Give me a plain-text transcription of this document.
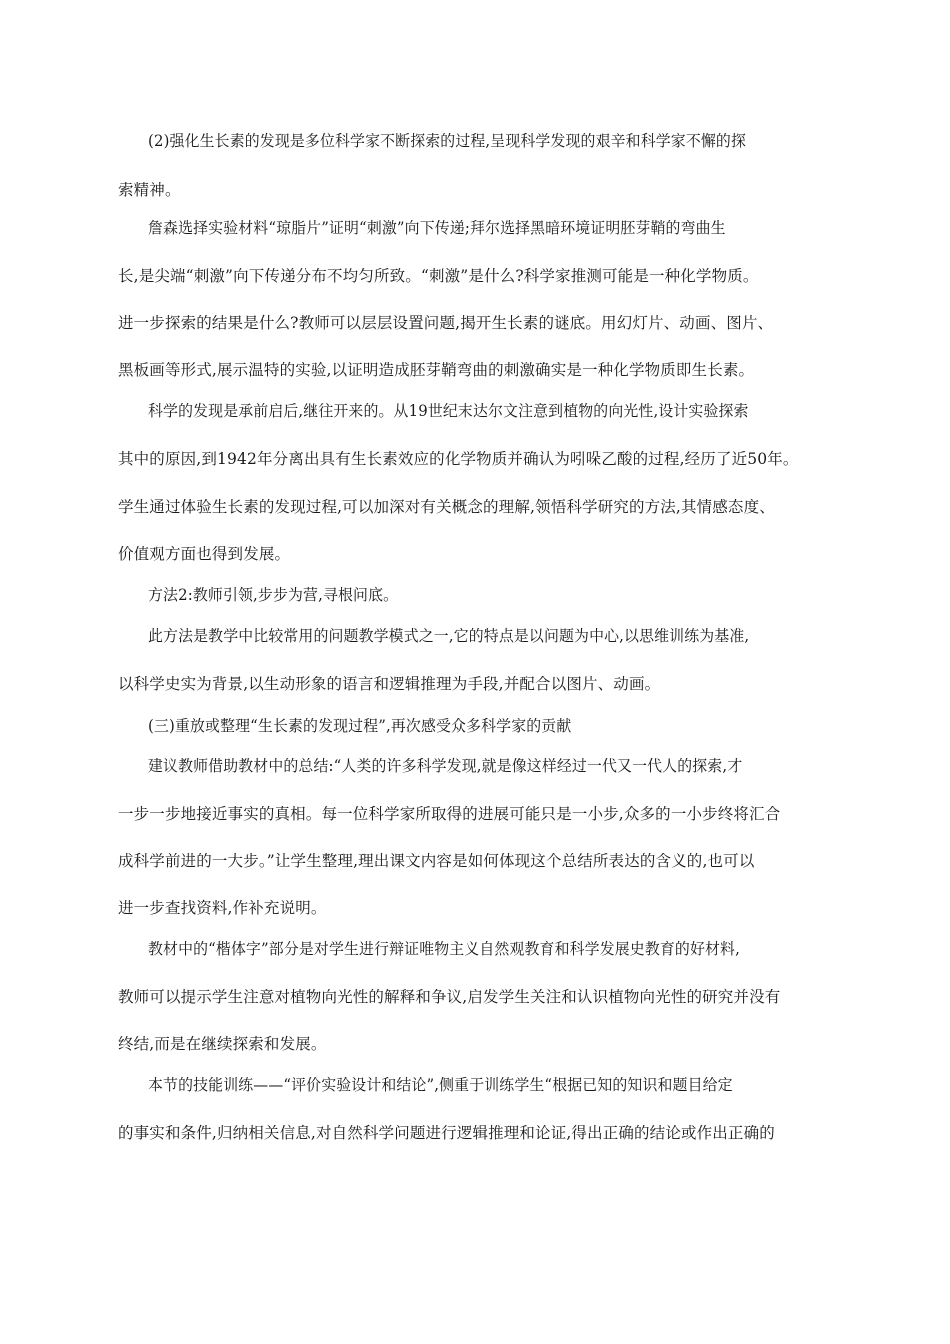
(2)强化生长素的发现是多位科学家不断探索的过程,呈现科学发现的艰辛和科学家不懈的探
索精神。
詹森选择实验材料“琼脂片”证明“刺激”向下传递;拜尔选择黑暗环境证明胚芽鞘的弯曲生
长,是尖端“刺激”向下传递分布不均匀所致。“刺激”是什么?科学家推测可能是一种化学物质。
进一步探索的结果是什么?教师可以层层设置问题,揭开生长素的谜底。用幻灯片、动画、图片、
黑板画等形式,展示温特的实验,以证明造成胚芽鞘弯曲的刺激确实是一种化学物质即生长素。
科学的发现是承前启后,继往开来的。从19世纪末达尔文注意到植物的向光性,设计实验探索
其中的原因,到1942年分离出具有生长素效应的化学物质并确认为吲哚乙酸的过程,经历了近50年。
学生通过体验生长素的发现过程,可以加深对有关概念的理解,领悟科学研究的方法,其情感态度、
价值观方面也得到发展。
方法2:教师引领,步步为营,寻根问底。
此方法是教学中比较常用的问题教学模式之一,它的特点是以问题为中心,以思维训练为基准,
以科学史实为背景,以生动形象的语言和逻辑推理为手段,并配合以图片、动画。
(三)重放或整理“生长素的发现过程”,再次感受众多科学家的贡献
建议教师借助教材中的总结:“人类的许多科学发现,就是像这样经过一代又一代人的探索,才
一步一步地接近事实的真相。每一位科学家所取得的进展可能只是一小步,众多的一小步终将汇合
成科学前进的一大步。”让学生整理,理出课文内容是如何体现这个总结所表达的含义的,也可以
进一步查找资料,作补充说明。
教材中的“楷体字”部分是对学生进行辩证唯物主义自然观教育和科学发展史教育的好材料,
教师可以提示学生注意对植物向光性的解释和争议,启发学生关注和认识植物向光性的研究并没有
终结,而是在继续探索和发展。
本节的技能训练——“评价实验设计和结论”,侧重于训练学生“根据已知的知识和题目给定
的事实和条件,归纳相关信息,对自然科学问题进行逻辑推理和论证,得出正确的结论或作出正确的
